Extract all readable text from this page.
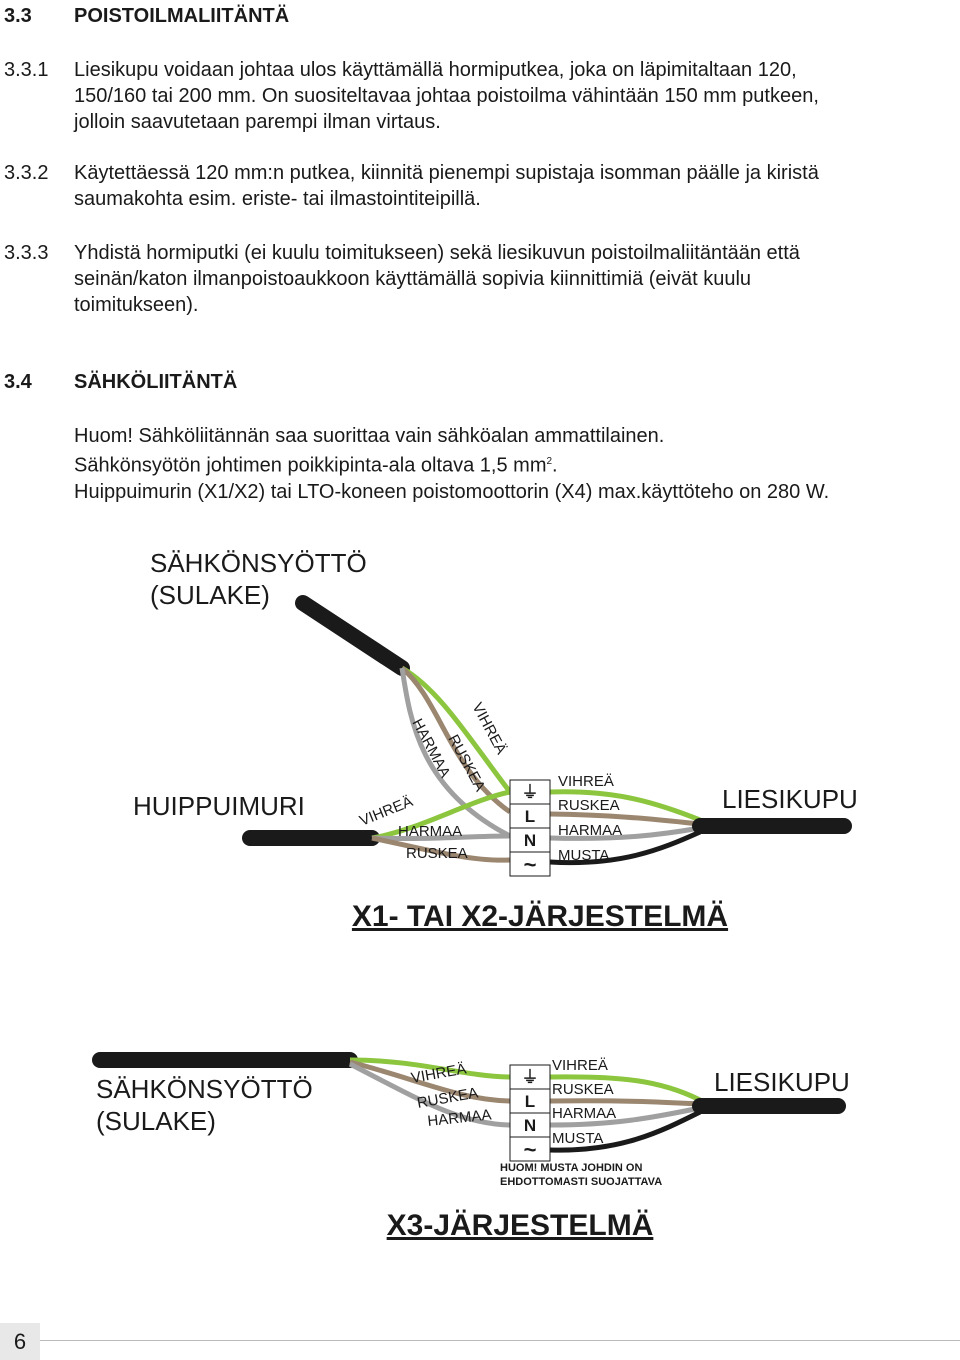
3.3 POISTOILMALIITÄNTÄ
3.3.1 Liesikupu voidaan johtaa ulos käyttämällä hormiputkea, joka on läpimitaltaan 120,
150/160 tai 200 mm. On suositeltavaa johtaa poistoilma vähintään 150 mm putkeen,
jolloin saavutetaan parempi ilman virtaus.
3.3.2 Käytettäessä 120 mm:n putkea, kiinnitä pienempi supistaja isomman päälle ja kiristä
saumakohta esim. eriste- tai ilmastointiteipillä.
3.3.3 Yhdistä hormiputki (ei kuulu toimitukseen) sekä liesikuvun poistoilmaliitäntään että
seinän/katon ilmanpoistoaukkoon käyttämällä sopivia kiinnittimiä (eivät kuulu
toimitukseen).
3.4 SÄHKÖLIITÄNTÄ
Huom! Sähköliitännän saa suorittaa vain sähköalan ammattilainen.
Sähkönsyötön johtimen poikkipinta-ala oltava 1,5 $mm^2$.
Huippuimurin (X1/X2) tai LTO-koneen poistomoottorin (X4) max.käyttöteho on 280 W.
SÄHKÖNSYÖTTÖ
(SULAKE)
HUIPPUIMURI	LIESIKUPU
⏚
L
N
~
HARMAA
RUSKEA
VIHREÄ
VIHREÄ
HARMAA
RUSKEA
VIHREÄ
RUSKEA
HARMAA
MUSTA
X1- TAI X2-JÄRJESTELMÄ
SÄHKÖNSYÖTTÖ
(SULAKE)
LIESIKUPU
⏚
L
N
~
VIHREÄ
RUSKEA
HARMAA
VIHREÄ
RUSKEA
HARMAA
MUSTA
HUOM! MUSTA JOHDIN ON
EHDOTTOMASTI SUOJATTAVA
X3-JÄRJESTELMÄ
6
